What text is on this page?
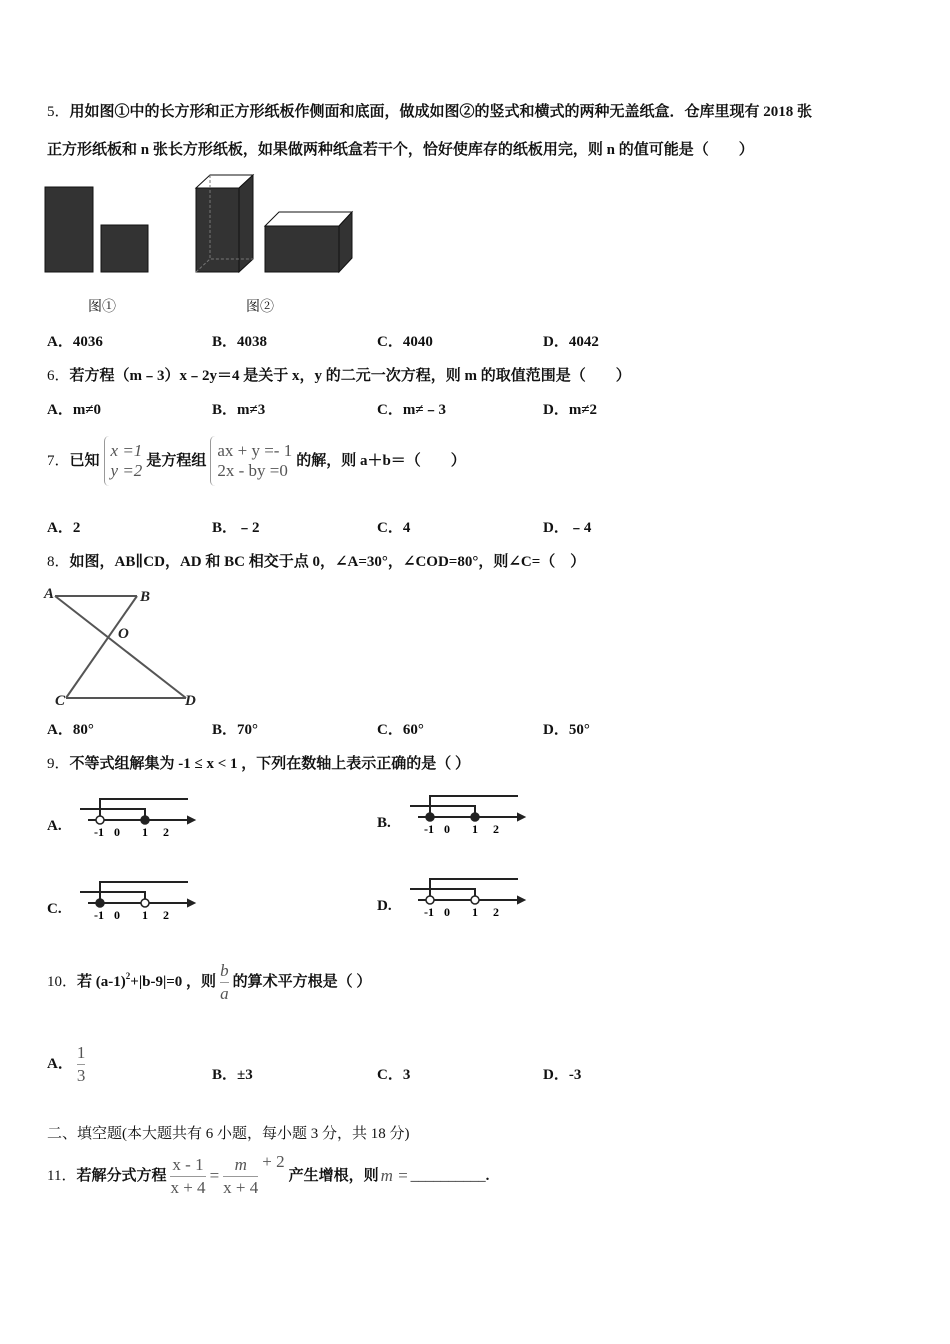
5．用如图①中的长方形和正方形纸板作侧面和底面，做成如图②的竖式和横式的两种无盖纸盒．仓库里现有 2018 张
正方形纸板和 n 张长方形纸板，如果做两种纸盒若干个，恰好使库存的纸板用完，则 n 的值可能是（　　）
图①	图②
A．4036	B．4038	C．4040	D．4042
6．若方程（m﹣3）x﹣2y＝4 是关于 x，y 的二元一次方程，则 m 的取值范围是（　　）
A．m≠0	B．m≠3	C．m≠﹣3	D．m≠2
7． 已知
x =1
y =2 是方程组
ax + y =- 1
2x - by =0 的解，则 a＋b＝（　　）
A．2	B．﹣2	C．4	D．﹣4
8．如图，AB∥CD，AD 和 BC 相交于点 0，∠A=30°，∠COD=80°，则∠C=（　）
A	B
O
C	D
A．80°	B．70°	C．60°	D．50°
9．不等式组解集为 -1 ≤ x < 1 ，下列在数轴上表示正确的是（ ）
A.	-1 0 1 2
B.	-1 0 1 2
C.	-1 0 1 2
D.	-1 0 1 2
10． 若 $(a-1)^2 +|b-9|=0$ ，则 $\frac{b}{a}$ 的算术平方根是（ ）
A． $\frac{1}{3}$	B．±3	C．3	D．-3
二、填空题(本大题共有 6 小题，每小题 3 分，共 18 分)
11． 若解分式方程 $\frac{x - 1}{x + 4} = \frac{m}{x + 4} + 2$
产生增根，则 m = __________ .
